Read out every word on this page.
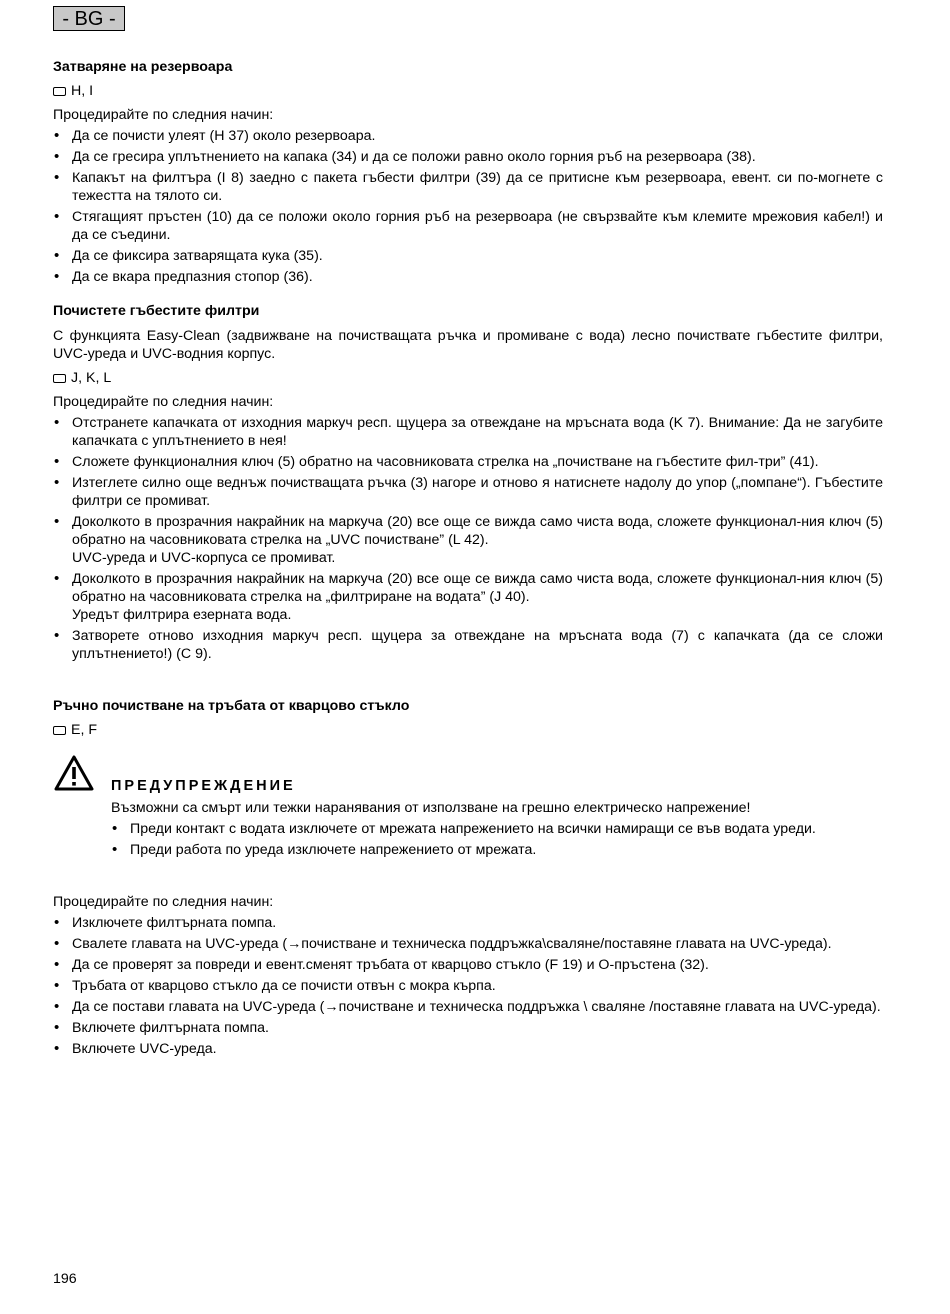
- BG -
Затваряне на резервоара
H, I

Процедирайте по следния начин:

• Да се почисти улеят (H 37) около резервоара.
• Да се гресира уплътнението на капака (34) и да се положи равно около горния ръб на резервоара (38).
• Капакът на филтъра (I 8) заедно с пакета гъбести филтри (39) да се притисне към резервоара, евент. си по-могнете с тежестта на тялото си.
• Стягащият пръстен (10) да се положи около горния ръб на резервоара (не свързвайте към клемите мрежовия кабел!) и да се съедини.
• Да се фиксира затварящата кука (35).
• Да се вкара предпазния стопор (36).
Почистете гъбестите филтри

С функцията Easy-Clean (задвижване на почистващата ръчка и промиване с вода) лесно почиствате гъбестите филтри, UVC-уреда и UVC-водния корпус.

J, K, L

Процедирайте по следния начин:

• Отстранете капачката от изходния маркуч респ. щуцера за отвеждане на мръсната вода (K 7). Внимание: Да не загубите капачката с уплътнението в нея!
• Сложете функционалния ключ (5) обратно на часовниковата стрелка на „почистване на гъбестите фил-три” (41).
• Изтеглете силно още веднъж почистващата ръчка (3) нагоре и отново я натиснете надолу до упор („помпане“). Гъбестите филтри се промиват.
• Доколкото в прозрачния накрайник на маркуча (20) все още се вижда само чиста вода, сложете функционал-ния ключ (5) обратно на часовниковата стрелка на „UVC почистване” (L 42).
UVC-уреда и UVC-корпуса се промиват.
• Доколкото в прозрачния накрайник на маркуча (20) все още се вижда само чиста вода, сложете функционал-ния ключ (5) обратно на часовниковата стрелка на „филтриране на водата” (J 40).
Уредът филтрира езерната вода.
• Затворете отново изходния маркуч респ. щуцера за отвеждане на мръсната вода (7) с капачката (да се сложи уплътнението!) (C 9).
Ръчно почистване на тръбата от кварцово стъкло
E, F
ПРЕДУПРЕЖДЕНИЕ

Възможни са смърт или тежки наранявания от използване на грешно електрическо напрежение!

• Преди контакт с водата изключете от мрежата напрежението на всички намиращи се във водата уреди.
• Преди работа по уреда изключете напрежението от мрежата.

Процедирайте по следния начин:

• Изключете филтърната помпа.
• Свалете главата на UVC-уреда (→почистване и техническа поддръжка\сваляне/поставяне главата на UVC-уреда).
• Да се проверят за повреди и евент.сменят тръбата от кварцово стъкло (F 19) и O-пръстена (32).
• Тръбата от кварцово стъкло да се почисти отвън с мокра кърпа.
• Да се постави главата на UVC-уреда (→почистване и техническа поддръжка \ сваляне /поставяне главата на UVC-уреда).
• Включете филтърната помпа.
• Включете UVC-уреда.
196
